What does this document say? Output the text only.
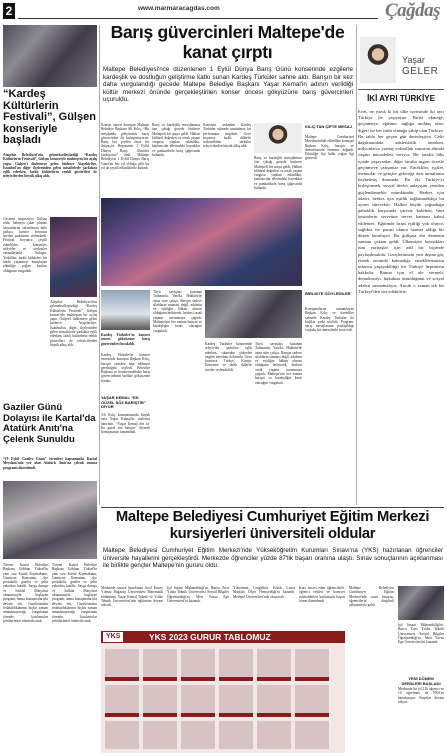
2	www.marmaracagdas.com	Çağdaş
“Kardeş Kültürlerin Festivali”, Gülşen konseriyle başladı
Ataşehir Belediyesi'nin gelenekselleştirdiği “Kardeş Kültürlerin Festivali”, Gülşen konseriyle muhteşem bir açılış yaptı. Gülşen'i dinlemeye gelen binlerce Ataşehirliye, İstanbul'un diğer ilçelerinden gelen misafirlerle şarkılara eşlik ederken, farklı kültürlerin renkli gösterileri de izleyicilerden büyük alkış aldı.
Gecenin sürpriziyse Gülşen oldu. Sahneye çıkar çıkmaz hayranlarını selamlayan ünlü şarkıcı, konser boyunca sevilen şarkılarını seslendirdi. Festival boyunca çeşitli etkinlikler, konserler, atölyeler ve söyleşiler vatandaşlarla buluştu. Yetkililer, farklı kültürleri bir arada yaşatmayı amaçlayan etkinliğe yoğun katılım olduğunu vurguladı.
Ataşehir Belediyesi'nin gelenekselleştirdiği “Kardeş Kültürlerin Festivali”, Gülşen konseriyle muhteşem bir açılış yaptı. Gülşen'i dinlemeye gelen binlerce Ataşehirliye, İstanbul'un diğer ilçelerinden gelen misafirlerle şarkılara eşlik ederken, farklı kültürlerin renkli gösterileri de izleyicilerden büyük alkış aldı.
Gaziler Günü Dolayısı ile Kartal'da Atatürk Anıtı'na Çelenk Sunuldu
“19 Eylül Gaziler Günü” törenleri kapsamında Kartal Meydanı'nda yer alan Atatürk Anıtı'na çelenk sunma programı düzenlendi.
Törene Kartal Belediye Başkanı Gökhan Yüksel'in yanı sıra Kartal Kaymakamı, Garnizon Komutanı, ilçe protokolü, gaziler ve şehit yakınları katıldı. Saygı duruşu ve İstiklal Marşı'nın okunmasıyla başlayan program, anma konuşmalarıyla devam etti. Gazilerimizin fedakârlıklarının hiçbir zaman unutulmayacağı vurgulanan törende, katılımcılar şehitlerimizi rahmetle andı.
Törene Kartal Belediye Başkanı Gökhan Yüksel'in yanı sıra Kartal Kaymakamı, Garnizon Komutanı, ilçe protokolü, gaziler ve şehit yakınları katıldı. Saygı duruşu ve İstiklal Marşı'nın okunmasıyla başlayan program, anma konuşmalarıyla devam etti. Gazilerimizin fedakârlıklarının hiçbir zaman unutulmayacağı vurgulanan törende, katılımcılar şehitlerimizi rahmetle andı.
Barış güvercinleri Maltepe'de kanat çırptı
Maltepe Belediyesi'nce düzenlenen 1 Eylül Dünya Barış Günü konserinde ezgilerle kardeşlik ve dostluğun geliştirme katkı sunan Kardeş Türküler sahne aldı. Barışın bir kez daha vurgulandığı gecede Maltepe Belediye Başkanı Yaşar Kemal'in adının verildiği kültür merkezi önünde gerçekleştirilen konser öncesi gökyüzüne barış güvercinleri uçuruldu.
Konser öncesi konuşan Maltepe Belediye Başkanı Ali Kılıç, “Bu meydanda gökyüzünü barış güvercinleri ile buluşturuyoruz. Barış her şeyden önce bir ihtiyaçtır. Hepimizin 1 Eylül Dünya Barış Günü'nü kutluyoruz” dedi. Maltepe Belediyesi 1 Eylül Dünya Barış Günü'nü her yıl olduğu gibi bu yıl da çeşitli etkinliklerle kutladı.
Barış ve kardeşlik mesajlarının öne çıktığı gecede binlerce Maltepeli bir araya geldi. Halkın kültürel değerleri ve ortak yaşam vurgusu yapılan etkinlikte, katılımcılar ellerindeki bayraklar ve pankartlarla barış çağrısında bulundu.
Konserin ardından Kardeş Türküler sahnede unutulmaz bir performans sergiledi. Gece boyunca farklı dillerde seslendirilen türküler izleyicilerden büyük alkış aldı.
Barış ve kardeşlik mesajlarının öne çıktığı gecede binlerce Maltepeli bir araya geldi. Halkın kültürel değerleri ve ortak yaşam vurgusu yapılan etkinlikte, katılımcılar ellerindeki bayraklar ve pankartlarla barış çağrısında bulundu.
KILIÇ'TAN ÇİFTE MESAJ
Maltepe Cumhuriyet Meydanı'ndaki etkinlikte konuşan Başkan Kılıç, barışın ve demokrasinin önemine değindi. Etkinliğe ilçe halkı yoğun ilgi gösterdi.
Kardeş Türküler'in konseri öncesi gökyüzüne barış güvercinleri bırakıldı.
Kardeş Türküler'in konseri öncesinde konuşan Başkan Kılıç, barışın yeniden inşa edilmesi gerektiğini söyledi. Belediye Başkanı ve beraberindekiler barış güvercinlerini birlikte gökyüzüne bıraktı.
YAŞAR KEMAL “EN GÜZEL SÖZ BARIŞTIR” DİYOR
Ali Kılıç konuşmasında büyük usta Yaşar Kemal'in sözlerini hatırlattı. “Yaşar Kemal der ki: En güzel söz barıştır” diyerek konuşmasını tamamladı.
Tüyü savaşları kazanan Trabzonlu, Van'da, Hakkâri'de uzun süre çalıştı. Barışın sadece silahların susması değil, adaletin ve eşitliğin hâkim olması olduğunu belirterek, herkesi ortak yaşamı savunmaya çağırdı. Maltepe'nin her zaman barışın ve kardeşliğin kenti olacağını vurguladı.
Kardeş Türküler konserinde izleyiciler şarkılara eşlik ederken, sahneden yükselen ezgiler meydanı doldurdu. Gece boyunca Türkçe, Kürtçe, Ermenice ve farklı dillerde eserler seslendirildi.
Tüyü savaşları kazanan Trabzonlu, Van'da, Hakkâri'de uzun süre çalıştı. Barışın sadece silahların susması değil, adaletin ve eşitliğin hâkim olması olduğunu belirterek, herkesi ortak yaşamı savunmaya çağırdı. Maltepe'nin her zaman barışın ve kardeşliğin kenti olacağını vurguladı.
BİRLİKTE GÖYLEDİLER
Konuşmalarını tamamlayan Başkan Kılıç ve davetliler sahnede Kardeş Türküler ile birlikte şarkı söyledi. Program, barış mesajlarının paylaşıldığı coşkulu bir atmosferde sona erdi.
Yaşar
GELER
İKİ AYRI TÜRKİYE
Evet, ne yazık ki bir ülke içerisinde iki ayrı Türkiye ile yaşıyoruz. Birisi ekmeğe, geçinmeye, eğitime, sağlığa muhtaç olan; diğeri ise her türlü olanağa sahip olan Türkiye. Bu tablo her geçen gün derinleşiyor. Gelir dağılımındaki adaletsizlik artarken, milyonlarca yurttaş yoksulluk sınırının altında yaşam mücadelesi veriyor. Bir tarafta lüks içinde yaşayanlar, diğer tarafta asgari ücretle geçinmeye çalışanlar var. Emekliler, işçiler, memurlar ve gençler geleceğe dair umutlarını kaybetmiş durumda. Bu iki Türkiye'yi birleştirmek, sosyal devlet anlayışını yeniden güçlendirmekle mümkündür. Herkes için adalet, herkes için eşitlik sağlanmadıkça bu ayrım sürecektir. Halkın büyük çoğunluğu pahalılık karşısında çaresiz kalırken, bazı kesimlerin servetine servet katması kabul edilemez. Eğitimde fırsat eşitliği yok oluyor, sağlıkta ise parası olanın hizmet aldığı bir düzen kuruluyor. Bu gidişata dur demenin zamanı çoktan geldi. Ülkemizin kaynakları tüm yurttaşlar için adil bir biçimde paylaşılmalıdır. Gençlerimizin yurt dışına göç etmek zorunda kalmadığı, emeklilerimizin insanca yaşayabildiği bir Türkiye hepimizin hakkıdır. Bunun için el ele vermeli, demokrasiyi, hukukun üstünlüğünü ve sosyal adaleti savunmalıyız. Ancak o zaman tek bir Türkiye'den söz edebiliriz.
Maltepe Belediyesi Cumhuriyet Eğitim Merkezi kursiyerleri üniversiteli oldular
Maltepe Belediyesi Cumhuriyet Eğitim Merkezi'nde Yükseköğretim Kurumları Sınavı'na (YKS) hazırlanan öğrenciler üniversite hayallerini gerçekleştirdi. Merkezde öğrenciler yüzde 87'lik başarı oranına ulaştı. Sınav sonuçlarının açıklanması ile birlikte gençler Maltepe'nin gururu oldu.
Merkezde sınava hazırlanan Arsil Kuzey Yılmaz Boğaziçi Üniversitesi Matematik bölümünü, Yaşar Kemal Teknik ve Yıldız Teknik Üniversitesi'nde eğitimine devam edecek.
Işıl İnşaat Mühendisliği'ni, Burcu Zırıs Yıldız Teknik Üniversitesi Sosyal Bilgiler Öğretmenliği'ni, Mert Yavuz Ege Üniversitesi'ni kazandı.
Yönetimin Cengelkös Erkek Lisesi Mustafa Ölçer Hemşireliği'ni kazandı. Medipol Üniversitesi'nde okuyacak.
Kurs öncesi eden öğrencilerle, öğrenci velileri ve kursiyer müteahhitleri katılımıyla başarı töreni düzenlendi.
YKS	YKS 2023 GURUR TABLOMUZ
Maltepe Belediyesi Cumhuriyet Eğitim Merkezi'nde sınav başarısı, öğrencilerin disiplinli çalışmasıyla geldi.
Işıl İnşaat Mühendisliği'ni, Burcu Zırıs Yıldız Teknik Üniversitesi Sosyal Bilgiler Öğretmenliği'ni, Mert Yavuz Ege Üniversitesi'ni kazandı.
YENİ DÖNEM DERSLERİ BAŞLADI
Merkezde bu yıl 226 öğrenci ve 10 öğretmen ile YKS'ye hazırlanıyor. Kayıtlar devam ediyor.
